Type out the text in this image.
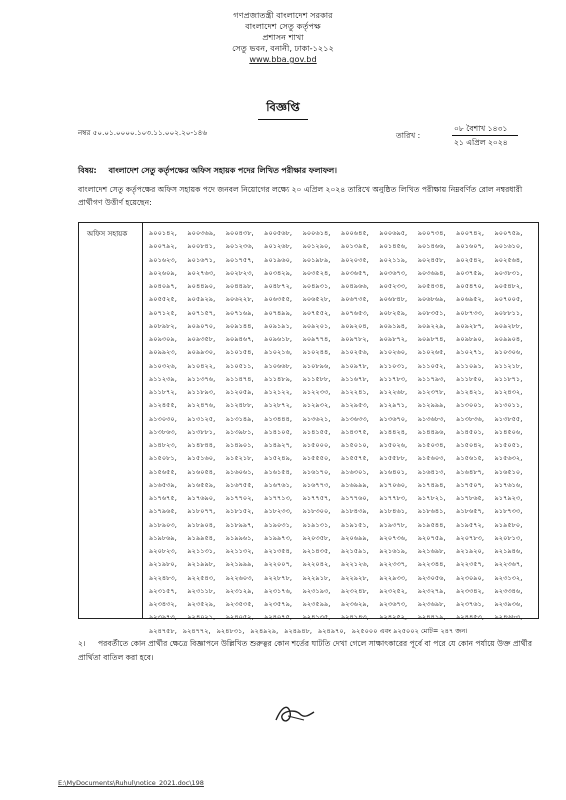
গণপ্রজাতন্ত্রী বাংলাদেশ সরকার
বাংলাদেশ সেতু কর্তৃপক্ষ
প্রশাসন শাখা
সেতু ভবন, বনানী, ঢাকা-১২১২
www.bba.gov.bd
বিজ্ঞপ্তি
নম্বর ৫০.০১.০০০০.১০৩.১১.০০২.২০-১৪৬	তারিখ :
০৮ বৈশাখ ১৪৩১
২১ এপ্রিল ২০২৪
বিষয়: বাংলাদেশ সেতু কর্তৃপক্ষের অফিস সহায়ক পদের লিখিত পরীক্ষার ফলাফল।
বাংলাদেশ সেতু কর্তৃপক্ষের অফিস সহায়ক পদে জনবল নিয়োগের লক্ষ্যে ২০ এপ্রিল ২০২৪ তারিখে অনুষ্ঠিত লিখিত পরীক্ষায় নিম্নবর্ণিত রোল নম্বরধারী প্রার্থীগণ উত্তীর্ণ হয়েছেন:
অফিস সহায়ক	৯০০১৪২,	৯০০৩৬৯,	৯০০৪৩৮,	৯০০৫৬৮,	৯০০৬১৪,	৯০০৬৪৫,	৯০০৬৯৫,	৯০০৭৩৪,	৯০০৭৪২,	৯০০৭৫৯,
৯০০৭৯২,	৯০০৮৪১,	৯০১২৩৬,	৯০১২৬৮,	৯০১২৯০,	৯০১৩৯৫,	৯০১৪৫৬,	৯০১৪৬৬,	৯০১৬০৭,	৯০১৬১০,
৯০১৬২৩,	৯০১৬৭১,	৯০১৭৫৭,	৯০১৯৬০,	৯০১৯৮৯,	৯০২০৩৫,	৯০২১১৯,	৯০২৪৫৮,	৯০২৫৪২,	৯০২৫৬৪,
৯০২৬০৯,	৯০২৭৬৩,	৯০২৮২৩,	৯০৩৪২৯,	৯০৩৫২৪,	৯০৩৬৫৭,	৯০৩৬৭৩,	৯০৩৬৯৪,	৯০৩৭৫৯,	৯০৩৮৩১,
৯০৪০৯৭,	৯০৪৪৯০,	৯০৪৪৯৮,	৯০৪৮৭২,	৯০৪৯৩১,	৯০৪৯৬৬,	৯০৫২৩৩,	৯০৫৪৩৪,	৯০৫৪৭০,	৯০৫৪৮২,
৯০৫৫২৫,	৯০৫৯২৯,	৯০৬২২৮,	৯০৬৩৫৫,	৯০৬৫২৮,	৯০৬৭৩৫,	৯০৬৮৪৮,	৯০৬৮৬৯,	৯০৬৯৫২,	৯০৭০০৫,
৯০৭১২৫,	৯০৭১৫৭,	৯০৭১৬৯,	৯০৭৪৯৯,	৯০৭৫৫২,	৯০৭৬৫৩,	৯০৮২৫৯,	৯০৮৩৫১,	৯০৮৭৩৩,	৯০৮৮১১,
৯০৮৯৮২,	৯০৯০৭০,	৯০৯১৪৪,	৯০৯১৯১,	৯০৯২০১,	৯০৯২০৪,	৯০৯১৯৪,	৯০৯২২৯,	৯০৯২৮৭,	৯০৯২৮৮,
৯০৯৩০৯,	৯০৯৩৫৮,	৯০৯৪৬৭,	৯০৯৬১৮,	৯০৯৭৭৪,	৯০৯৭৮২,	৯০৯৮৭২,	৯০৯৮৭৪,	৯০৯৮৯০,	৯০৯৯০৪,
৯০৯৯২৩,	৯০৯৯৩০,	৯১০১৫৪,	৯১০২১৬,	৯১০২৪৪,	৯১০২৫৬,	৯১০২৬০,	৯১০২৬৫,	৯১০২৭১,	৯১০৩০৬,
৯১০৩২৬,	৯১০৪২২,	৯১০৫১১,	৯১০৬৬৮,	৯১০৮৯৬,	৯১০৯৭৮,	৯১১০৩১,	৯১১০৫২,	৯১১০৯১,	৯১১২১৮,
৯১১২৩৯,	৯১১৩৭৬,	৯১১৪৭৪,	৯১১৪৮৯,	৯১১৫৮৮,	৯১১৬৭৮,	৯১১৭৮৩,	৯১১৭৯৩,	৯১১৮৫০,	৯১১৮৭১,
৯১১৮৭২,	৯১১৮৯৩,	৯১২০৫৯,	৯১২১২২,	৯১২২৩৩,	৯১২২৪১,	৯১২২৬৮,	৯১২৩৭৮,	৯১২৪২১,	৯১২৪৩২,
৯১২৪৫৫,	৯১২৪৭৬,	৯১২৪৮৮,	৯১২৮৭২,	৯১২৯৩২,	৯১২৯৫৩,	৯১২৯৭১,	৯১২৯৯৯,	৯১৩০০১,	৯১৩০১১,
৯১৩০৩০,	৯১৩১২৫,	৯১৩১৪৯,	৯১৩৪৪৪,	৯১৩৬২১,	৯১৩৬৩৩,	৯১৩৬৭০,	৯১৩৬৮৩,	৯১৩৮৩৬,	৯১৩৮৫৫,
৯১৩৮৬৩,	৯১৩৮৮১,	৯১৩৯৮১,	৯১৪১০৫,	৯১৪১৫৫,	৯১৪৩৭৫,	৯১৪৪২৪,	৯১৪৪৯৬,	৯১৪৫০১,	৯১৪৫০৬,
৯১৪৮২৩,	৯১৪৮৪৪,	৯১৪৯০১,	৯১৪৯২৭,	৯১৫০০০,	৯১৫০১০,	৯১৫০২৬,	৯১৫০৩৪,	৯১৫০৪২,	৯১৫০৫১,
৯১৫০৮১,	৯১৫১৬০,	৯১৫২১৮,	৯১৫২৪৯,	৯১৫৫৫০,	৯১৫৫৭৫,	৯১৫৫৮৮,	৯১৫৬০৩,	৯১৫৬১৫,	৯১৫৬৩২,
৯১৫৬৫৫,	৯১৬০৫৪,	৯১৬০৬১,	৯১৬১৫৪,	৯১৬১৭০,	৯১৬৩০১,	৯১৬৪০১,	৯১৬৪১৩,	৯১৬৪৮৭,	৯১৬৫১০,
৯১৬৫৩৯,	৯১৬৫৫৯,	৯১৬৭৫৫,	৯১৬৭৬১,	৯১৬৭৭৩,	৯১৬৯৯৯,	৯১৭০৬০,	৯১৭৪৯৪,	৯১৭৫০৭,	৯১৭৬১৬,
৯১৭৬৭৫,	৯১৭৬৯০,	৯১৭৭০২,	৯১৭৭১৩,	৯১৭৭৫৭,	৯১৭৭৬০,	৯১৭৭৮৩,	৯১৭৮২১,	৯১৭৮৬৫,	৯১৭৯২৩,
৯১৭৯৬৫,	৯১৮০৭৭,	৯১৮১৫২,	৯১৮২৩৩,	৯১৮৩০০,	৯১৮৪৩৯,	৯১৮৪৬১,	৯১৮৬৪১,	৯১৮৬৫৭,	৯১৮৭৩৩,
৯১৮৯০৩,	৯১৮৯০৪,	৯১৮৯৯৭,	৯১৯০৩১,	৯১৯১৩১,	৯১৯১৫১,	৯১৯৩৭৮,	৯১৯৫৪৪,	৯১৯৫৭২,	৯১৯৫৮০,
৯১৯৮৬৯,	৯১৯৯৫৪,	৯১৯৯৬১,	৯১৯৯৭৩,	৯২০৩৫৮,	৯২০৬৯৯,	৯২০৭৩৬,	৯২০৭৫৯,	৯২০৭৮৩,	৯২০৮১৩,
৯২০৮২৩,	৯২১১৩১,	৯২১১৩২,	৯২১৩৫৪,	৯২১৪৩৫,	৯২১৫৯১,	৯২১৬১৯,	৯২১৬৯৮,	৯২১৯২০,	৯২১৯৪৬,
৯২১৯৮০,	৯২১৯৯৮,	৯২১৯৯৯,	৯২২০০৭,	৯২২০৪২,	৯২২১২৬,	৯২২৩৩৭,	৯২২৩৪৪,	৯২২৩৫৭,	৯২২৩৬৭,
৯২২৪৮৩,	৯২২৫৪৩,	৯২২৬০৩,	৯২২৮৭৮,	৯২২৯১৮,	৯২২৯২৮,	৯২২৯৩৩,	৯২৩০৫৬,	৯২৩০৯০,	৯২৩১৩২,
৯২৩১৫৭,	৯২৩১১৮,	৯২৩১২৯,	৯২৩১৭৬,	৯২৩১৯৩,	৯২৩২৪৮,	৯২৩২৫২,	৯২৩২৭৯,	৯২৩৩৪২,	৯২৩৩৪৬,
৯২৩৪৩২,	৯২৩৫২৯,	৯২৩৫৩৫,	৯২৩৫৭৯,	৯২৩৫৯৯,	৯২৩৬২৯,	৯২৩৬৭৩,	৯২৩৬৯৮,	৯২৩৭৬১,	৯২৩৯৩৬,
৯২৩৯৭৩,	৯২৪০২১,	৯২৪০৫২,	৯২৪০৭৫,	৯২৪১৩৫,	৯২৪১৪৩,	৯২৪২৫২,	৯২৪৪১৯,	৯২৪৪৫৩,	৯২৪৬৮৩,
৯২৪৭৫৮, ৯২৪৭৭২, ৯২৪৮৩১, ৯২৪৯২৯, ৯২৪৯৪৮, ৯২৪৯৭০, ৯২৫০০০ এবং ৯২৫০০২ মোট= ২৪৭ জন।
২। পরবর্তীতে কোন প্রার্থীর ক্ষেত্রে বিজ্ঞাপনে উল্লিখিত শুরুত্বর কোন শর্তের ঘাটতি দেখা গেলে সাক্ষাৎকারের পূর্বে বা পরে যে কোন পর্যায়ে উক্ত প্রার্থীর প্রার্থিতা বাতিল করা হবে।
E:\MyDocuments\Ruhul\notice_2021.doc\198
